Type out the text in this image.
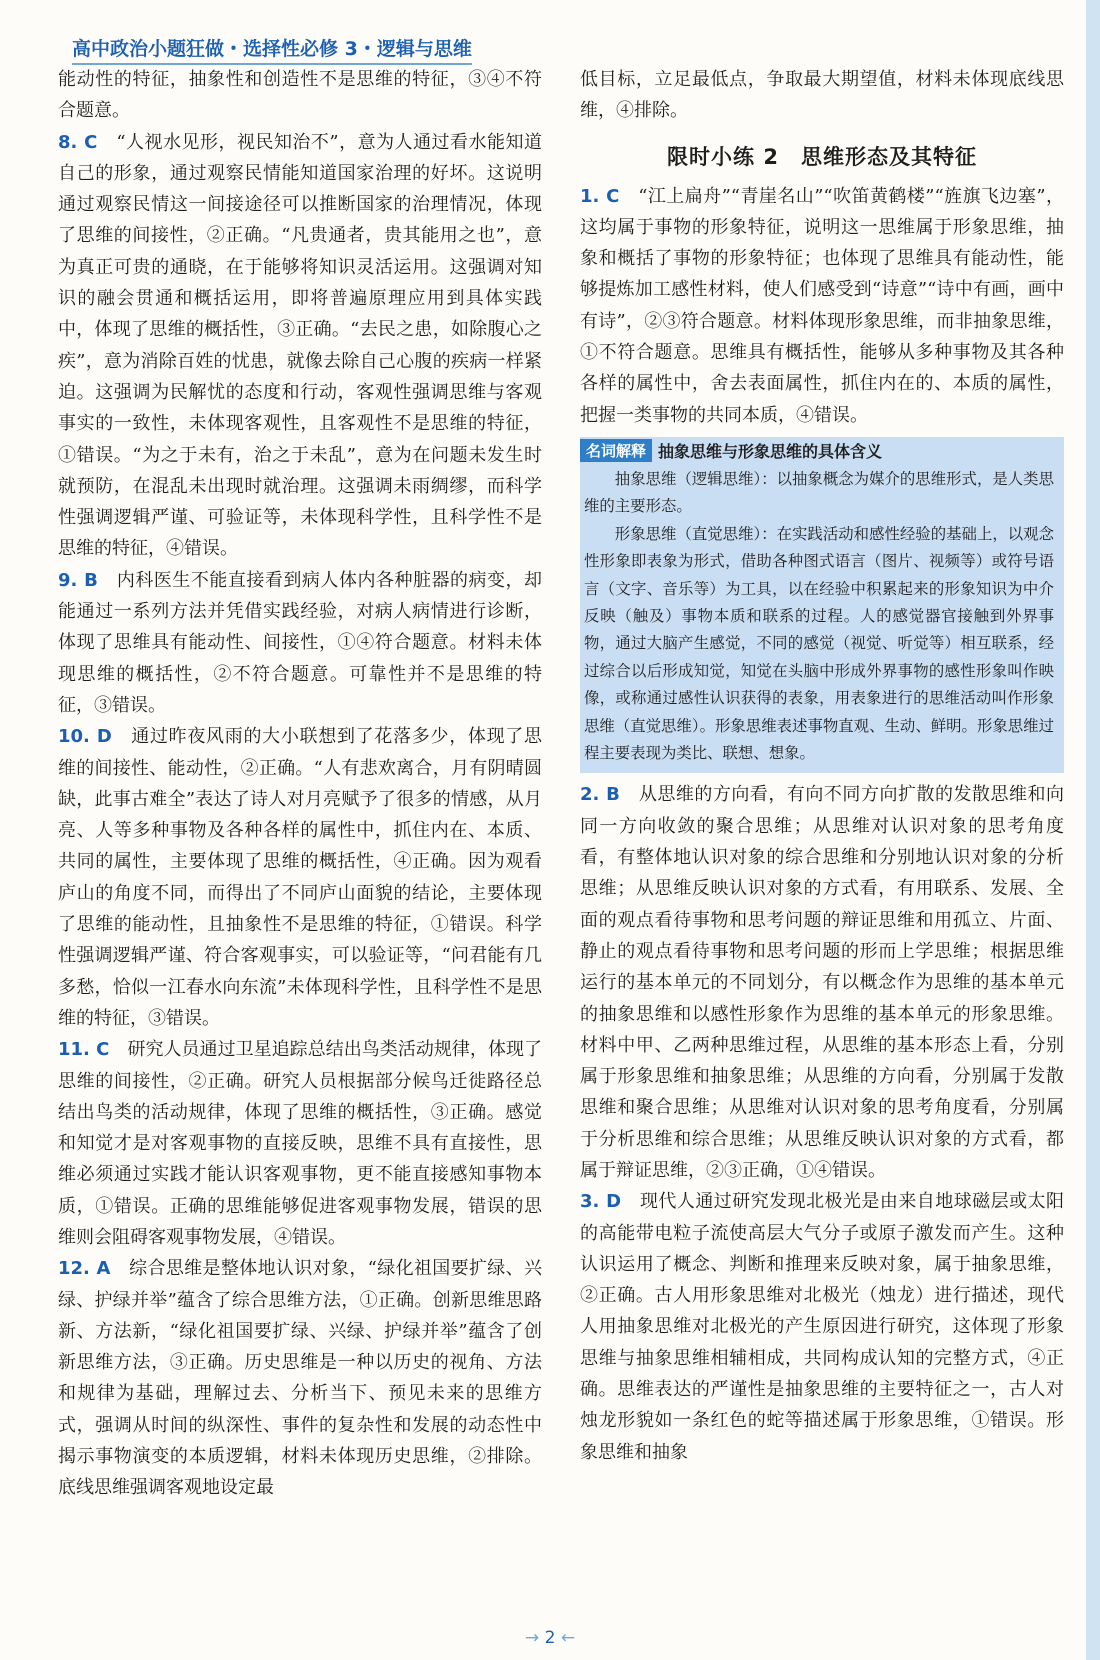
高中政治小题狂做・选择性必修 3・逻辑与思维

能动性的特征，抽象性和创造性不是思维的特征，③④不符合题意。

8. C　 “人视水见形，视民知治不”，意为人通过看水能知道自己的形象，通过观察民情能知道国家治理的好坏。这说明通过观察民情这一间接途径可以推断国家的治理情况，体现了思维的间接性，②正确。“凡贵通者，贵其能用之也”，意为真正可贵的通晓，在于能够将知识灵活运用。这强调对知识的融会贯通和概括运用，即将普遍原理应用到具体实践中，体现了思维的概括性，③正确。“去民之患，如除腹心之疾”，意为消除百姓的忧患，就像去除自己心腹的疾病一样紧迫。这强调为民解忧的态度和行动，客观性强调思维与客观事实的一致性，未体现客观性，且客观性不是思维的特征，①错误。“为之于未有，治之于未乱”，意为在问题未发生时就预防，在混乱未出现时就治理。这强调未雨绸缪，而科学性强调逻辑严谨、可验证等，未体现科学性，且科学性不是思维的特征，④错误。

9. B　 内科医生不能直接看到病人体内各种脏器的病变，却能通过一系列方法并凭借实践经验，对病人病情进行诊断，体现了思维具有能动性、间接性，①④符合题意。材料未体现思维的概括性，②不符合题意。可靠性并不是思维的特征，③错误。

10. D　 通过昨夜风雨的大小联想到了花落多少，体现了思维的间接性、能动性，②正确。“人有悲欢离合，月有阴晴圆缺，此事古难全”表达了诗人对月亮赋予了很多的情感，从月亮、人等多种事物及各种各样的属性中，抓住内在、本质、共同的属性，主要体现了思维的概括性，④正确。因为观看庐山的角度不同，而得出了不同庐山面貌的结论，主要体现了思维的能动性，且抽象性不是思维的特征，①错误。科学性强调逻辑严谨、符合客观事实，可以验证等，“问君能有几多愁，恰似一江春水向东流”未体现科学性，且科学性不是思维的特征，③错误。

11. C　 研究人员通过卫星追踪总结出鸟类活动规律，体现了思维的间接性，②正确。研究人员根据部分候鸟迁徙路径总结出鸟类的活动规律，体现了思维的概括性，③正确。感觉和知觉才是对客观事物的直接反映，思维不具有直接性，思维必须通过实践才能认识客观事物，更不能直接感知事物本质，①错误。正确的思维能够促进客观事物发展，错误的思维则会阻碍客观事物发展，④错误。

12. A　 综合思维是整体地认识对象，“绿化祖国要扩绿、兴绿、护绿并举”蕴含了综合思维方法，①正确。创新思维思路新、方法新，“绿化祖国要扩绿、兴绿、护绿并举”蕴含了创新思维方法，③正确。历史思维是一种以历史的视角、方法和规律为基础，理解过去、分析当下、预见未来的思维方式，强调从时间的纵深性、事件的复杂性和发展的动态性中揭示事物演变的本质逻辑，材料未体现历史思维，②排除。底线思维强调客观地设定最

低目标，立足最低点，争取最大期望值，材料未体现底线思维，④排除。

限时小练 2　思维形态及其特征

1. C　 “江上扁舟”“青崖名山”“吹笛黄鹤楼”“旌旗飞边塞”，这均属于事物的形象特征，说明这一思维属于形象思维，抽象和概括了事物的形象特征；也体现了思维具有能动性，能够提炼加工感性材料，使人们感受到“诗意”“诗中有画，画中有诗”，②③符合题意。材料体现形象思维，而非抽象思维，①不符合题意。思维具有概括性，能够从多种事物及其各种各样的属性中，舍去表面属性，抓住内在的、本质的属性，把握一类事物的共同本质，④错误。

名词解释 抽象思维与形象思维的具体含义

抽象思维（逻辑思维）：以抽象概念为媒介的思维形式，是人类思维的主要形态。

形象思维（直觉思维）：在实践活动和感性经验的基础上，以观念性形象即表象为形式，借助各种图式语言（图片、视频等）或符号语言（文字、音乐等）为工具，以在经验中积累起来的形象知识为中介反映（触及）事物本质和联系的过程。人的感觉器官接触到外界事物，通过大脑产生感觉，不同的感觉（视觉、听觉等）相互联系，经过综合以后形成知觉，知觉在头脑中形成外界事物的感性形象叫作映像，或称通过感性认识获得的表象，用表象进行的思维活动叫作形象思维（直觉思维）。形象思维表述事物直观、生动、鲜明。形象思维过程主要表现为类比、联想、想象。

2. B　 从思维的方向看，有向不同方向扩散的发散思维和向同一方向收敛的聚合思维；从思维对认识对象的思考角度看，有整体地认识对象的综合思维和分别地认识对象的分析思维；从思维反映认识对象的方式看，有用联系、发展、全面的观点看待事物和思考问题的辩证思维和用孤立、片面、静止的观点看待事物和思考问题的形而上学思维；根据思维运行的基本单元的不同划分，有以概念作为思维的基本单元的抽象思维和以感性形象作为思维的基本单元的形象思维。材料中甲、乙两种思维过程，从思维的基本形态上看，分别属于形象思维和抽象思维；从思维的方向看，分别属于发散思维和聚合思维；从思维对认识对象的思考角度看，分别属于分析思维和综合思维；从思维反映认识对象的方式看，都属于辩证思维，②③正确，①④错误。

3. D　 现代人通过研究发现北极光是由来自地球磁层或太阳的高能带电粒子流使高层大气分子或原子激发而产生。这种认识运用了概念、判断和推理来反映对象，属于抽象思维，②正确。古人用形象思维对北极光（烛龙）进行描述，现代人用抽象思维对北极光的产生原因进行研究，这体现了形象思维与抽象思维相辅相成，共同构成认知的完整方式，④正确。思维表达的严谨性是抽象思维的主要特征之一，古人对烛龙形貌如一条红色的蛇等描述属于形象思维，①错误。形象思维和抽象

→ 2 ←
